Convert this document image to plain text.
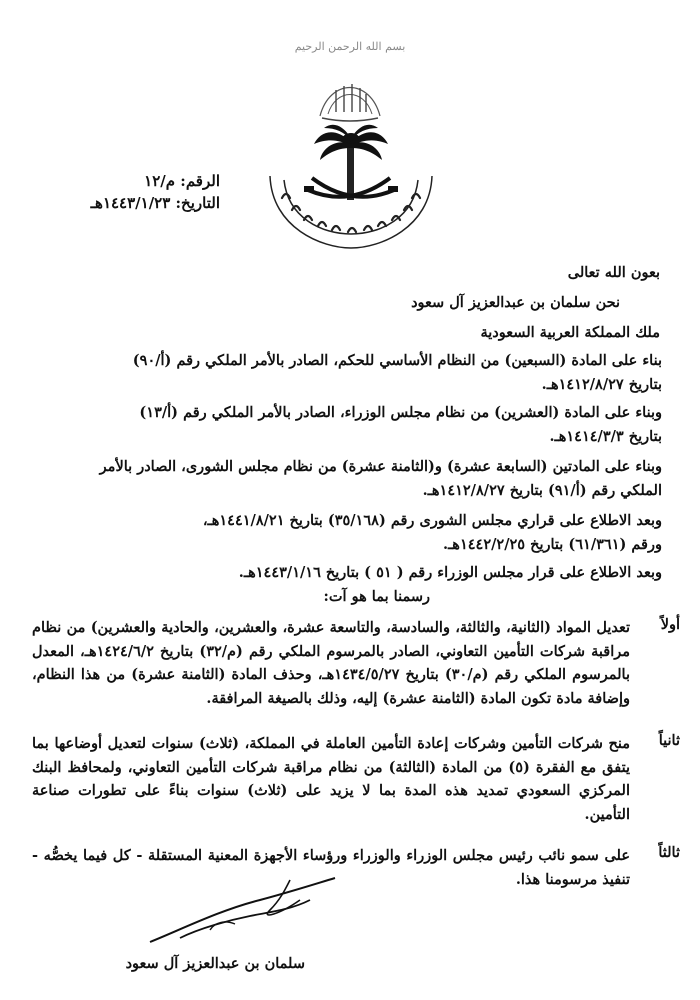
بسم الله الرحمن الرحيم
الرقم: م/١٢
التاريخ: ١٤٤٣/١/٢٣هـ
بعون الله تعالى
نحن سلمان بن عبدالعزيز آل سعود
ملك المملكة العربية السعودية
بناء على المادة (السبعين) من النظام الأساسي للحكم، الصادر بالأمر الملكي رقم (أ/٩٠)
بتاريخ ١٤١٢/٨/٢٧هـ.
وبناء على المادة (العشرين) من نظام مجلس الوزراء، الصادر بالأمر الملكي رقم (أ/١٣)
بتاريخ ١٤١٤/٣/٣هـ.
وبناء على المادتين (السابعة عشرة) و(الثامنة عشرة) من نظام مجلس الشورى، الصادر بالأمر
الملكي رقم (أ/٩١) بتاريخ ١٤١٢/٨/٢٧هـ.
وبعد الاطلاع على قراري مجلس الشورى رقم (٣٥/١٦٨) بتاريخ ١٤٤١/٨/٢١هـ،
ورقم (٦١/٣٦١) بتاريخ ١٤٤٢/٢/٢٥هـ.
وبعد الاطلاع على قرار مجلس الوزراء رقم ( ٥١ ) بتاريخ ١٤٤٣/١/١٦هـ.
رسمنا بما هو آت:
أولاً
تعديل المواد (الثانية، والثالثة، والسادسة، والتاسعة عشرة، والعشرين، والحادية والعشرين) من نظام مراقبة شركات التأمين التعاوني، الصادر بالمرسوم الملكي رقم (م/٣٢) بتاريخ ١٤٢٤/٦/٢هـ، المعدل بالمرسوم الملكي رقم (م/٣٠) بتاريخ ١٤٣٤/٥/٢٧هـ، وحذف المادة (الثامنة عشرة) من هذا النظام، وإضافة مادة تكون المادة (الثامنة عشرة) إليه، وذلك بالصيغة المرافقة.
ثانياً
منح شركات التأمين وشركات إعادة التأمين العاملة في المملكة، (ثلاث) سنوات لتعديل أوضاعها بما يتفق مع الفقرة (٥) من المادة (الثالثة) من نظام مراقبة شركات التأمين التعاوني، ولمحافظ البنك المركزي السعودي تمديد هذه المدة بما لا يزيد على (ثلاث) سنوات بناءً على تطورات صناعة التأمين.
ثالثاً
على سمو نائب رئيس مجلس الوزراء والوزراء ورؤساء الأجهزة المعنية المستقلة - كل فيما يخصُّه - تنفيذ مرسومنا هذا.
سلمان بن عبدالعزيز آل سعود
